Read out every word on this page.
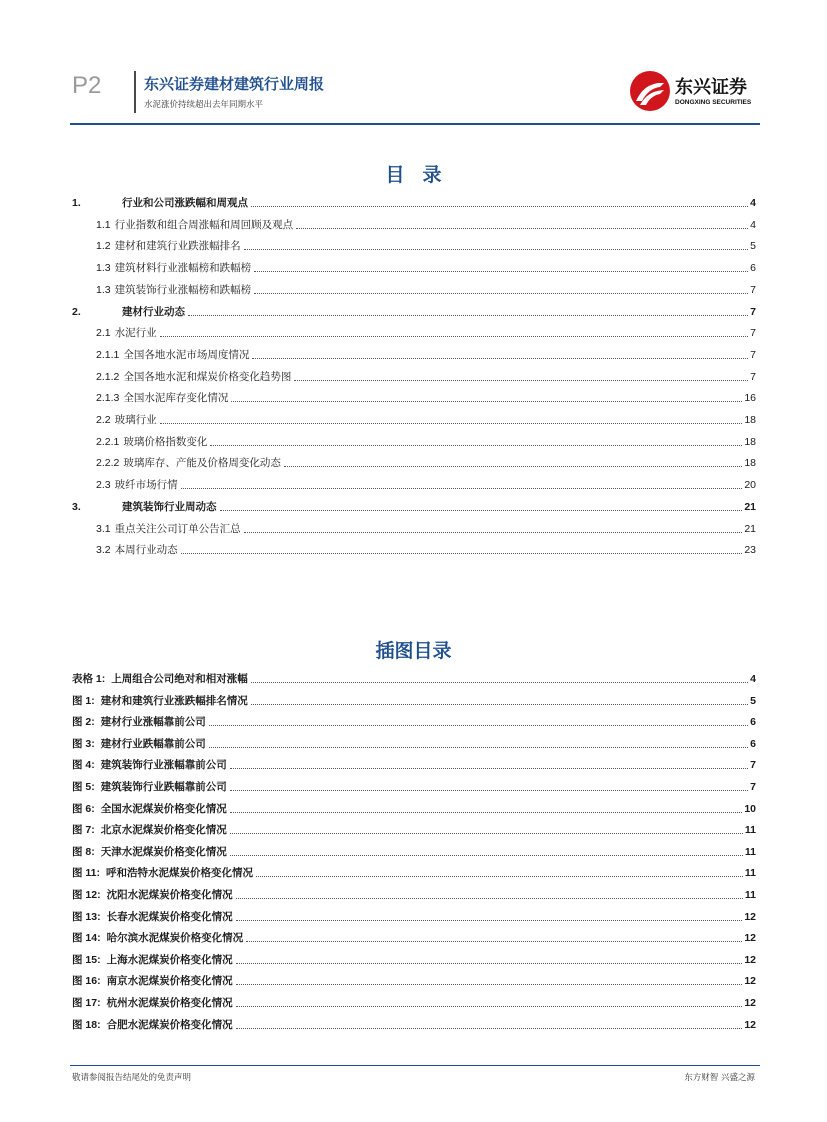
P2	东兴证券建材建筑行业周报
水泥涨价持续超出去年同期水平
东兴证券
DONGXING SECURITIES
目录
1.	行业和公司涨跌幅和周观点	4
1.1 行业指数和组合周涨幅和周回顾及观点	4
1.2 建材和建筑行业跌涨幅排名	5
1.3 建筑材料行业涨幅榜和跌幅榜	6
1.3 建筑装饰行业涨幅榜和跌幅榜	7
2.	建材行业动态	7
2.1 水泥行业	7
2.1.1 全国各地水泥市场周度情况	7
2.1.2 全国各地水泥和煤炭价格变化趋势图	7
2.1.3 全国水泥库存变化情况	16
2.2 玻璃行业	18
2.2.1 玻璃价格指数变化	18
2.2.2 玻璃库存、产能及价格周变化动态	18
2.3 玻纤市场行情	20
3.	建筑装饰行业周动态	21
3.1 重点关注公司订单公告汇总	21
3.2 本周行业动态	23
插图目录
表格 1: 上周组合公司绝对和相对涨幅	4
图 1: 建材和建筑行业涨跌幅排名情况	5
图 2: 建材行业涨幅靠前公司	6
图 3: 建材行业跌幅靠前公司	6
图 4: 建筑装饰行业涨幅靠前公司	7
图 5: 建筑装饰行业跌幅靠前公司	7
图 6: 全国水泥煤炭价格变化情况	10
图 7: 北京水泥煤炭价格变化情况	11
图 8: 天津水泥煤炭价格变化情况	11
图 11: 呼和浩特水泥煤炭价格变化情况	11
图 12: 沈阳水泥煤炭价格变化情况	11
图 13: 长春水泥煤炭价格变化情况	12
图 14: 哈尔滨水泥煤炭价格变化情况	12
图 15: 上海水泥煤炭价格变化情况	12
图 16: 南京水泥煤炭价格变化情况	12
图 17: 杭州水泥煤炭价格变化情况	12
图 18: 合肥水泥煤炭价格变化情况	12
敬请参阅报告结尾处的免责声明	东方财智 兴盛之源
